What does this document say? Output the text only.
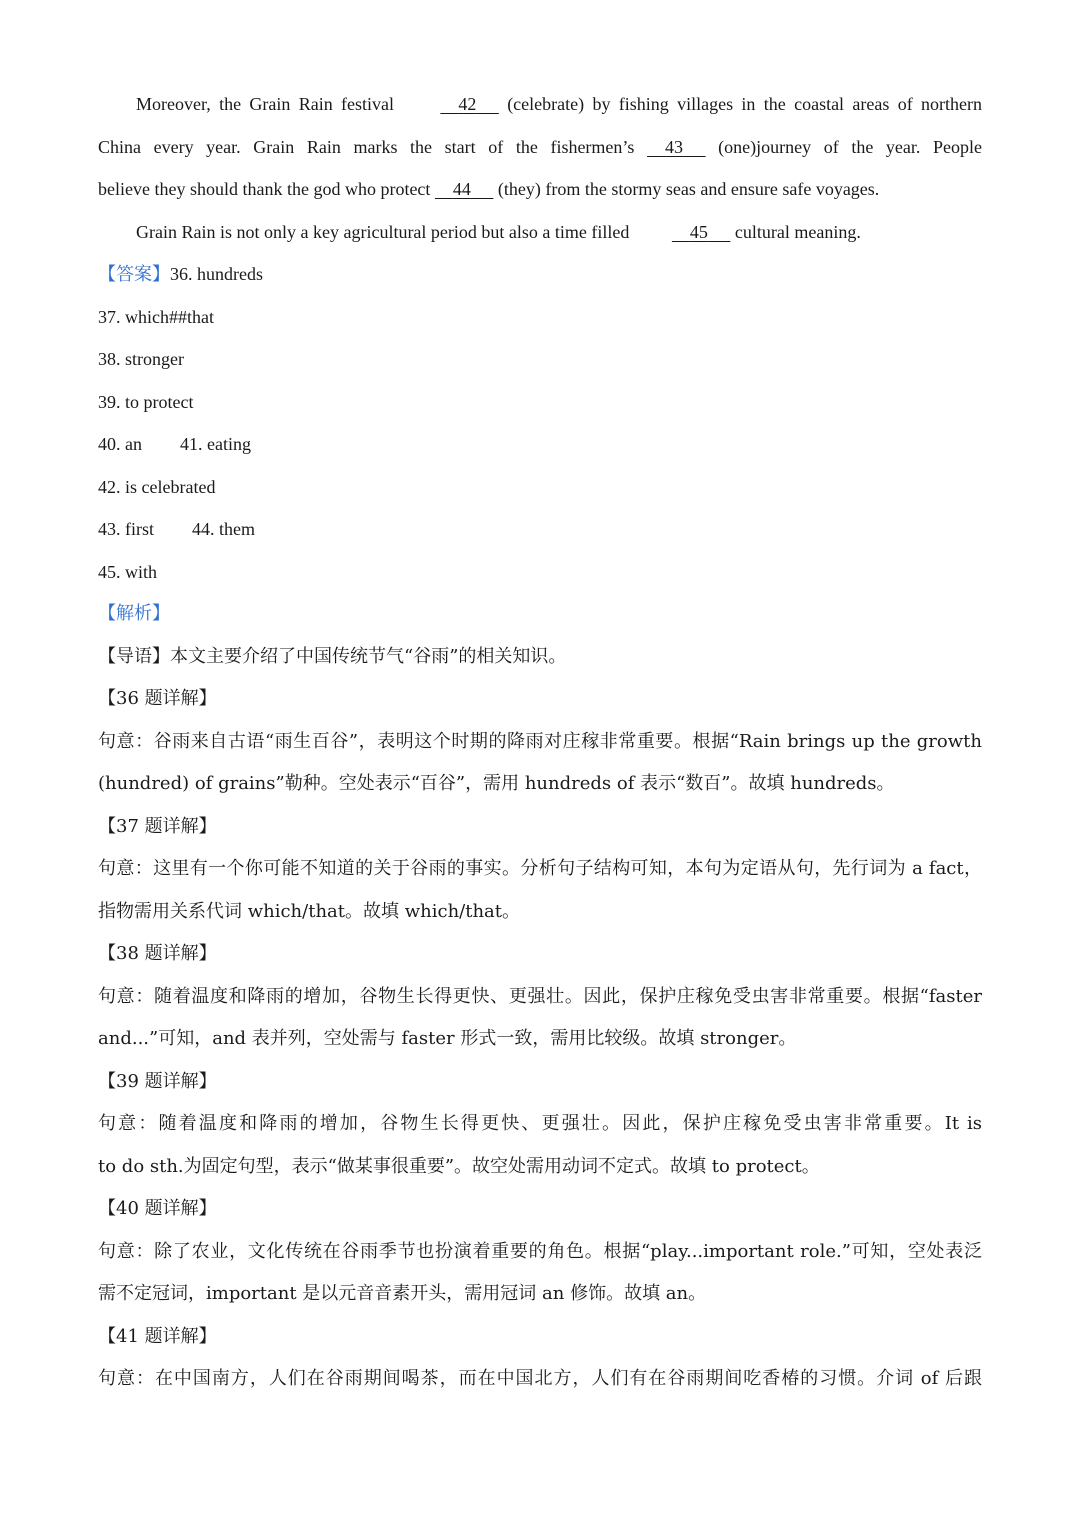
Moreover, the Grain Rain festival	42      (celebrate) by fishing villages in the coastal areas of northern
China every year. Grain Rain marks the start of the fishermen’s     43      (one)journey of the year. People
believe they should thank the god who protect     44      (they) from the stormy seas and ensure safe voyages.
Grain Rain is not only a key agricultural period but also a time filled	45      cultural meaning.
【答案】36. hundreds
37. which##that
38. stronger
39. to protect
40. an 41. eating
42. is celebrated
43. first 44. them
45. with
【解析】
【导语】本文主要介绍了中国传统节气“谷雨”的相关知识。
【36 题详解】
句意：谷雨来自古语“雨生百谷”，表明这个时期的降雨对庄稼非常重要。根据“Rain brings up the growth
(hundred) of grains”勒种。空处表示“百谷”，需用 hundreds of 表示“数百”。故填 hundreds。
【37 题详解】
句意：这里有一个你可能不知道的关于谷雨的事实。分析句子结构可知，本句为定语从句，先行词为 a fact，
指物需用关系代词 which/that。故填 which/that。
【38 题详解】
句意：随着温度和降雨的增加，谷物生长得更快、更强壮。因此，保护庄稼免受虫害非常重要。根据“faster
and...”可知，and 表并列，空处需与 faster 形式一致，需用比较级。故填 stronger。
【39 题详解】
句意：随着温度和降雨的增加，谷物生长得更快、更强壮。因此，保护庄稼免受虫害非常重要。It is
to do sth.为固定句型，表示“做某事很重要”。故空处需用动词不定式。故填 to protect。
【40 题详解】
句意：除了农业，文化传统在谷雨季节也扮演着重要的角色。根据“play...important role.”可知，空处表泛
需不定冠词，important 是以元音音素开头，需用冠词 an 修饰。故填 an。
【41 题详解】
句意：在中国南方，人们在谷雨期间喝茶，而在中国北方，人们有在谷雨期间吃香椿的习惯。介词 of 后跟
